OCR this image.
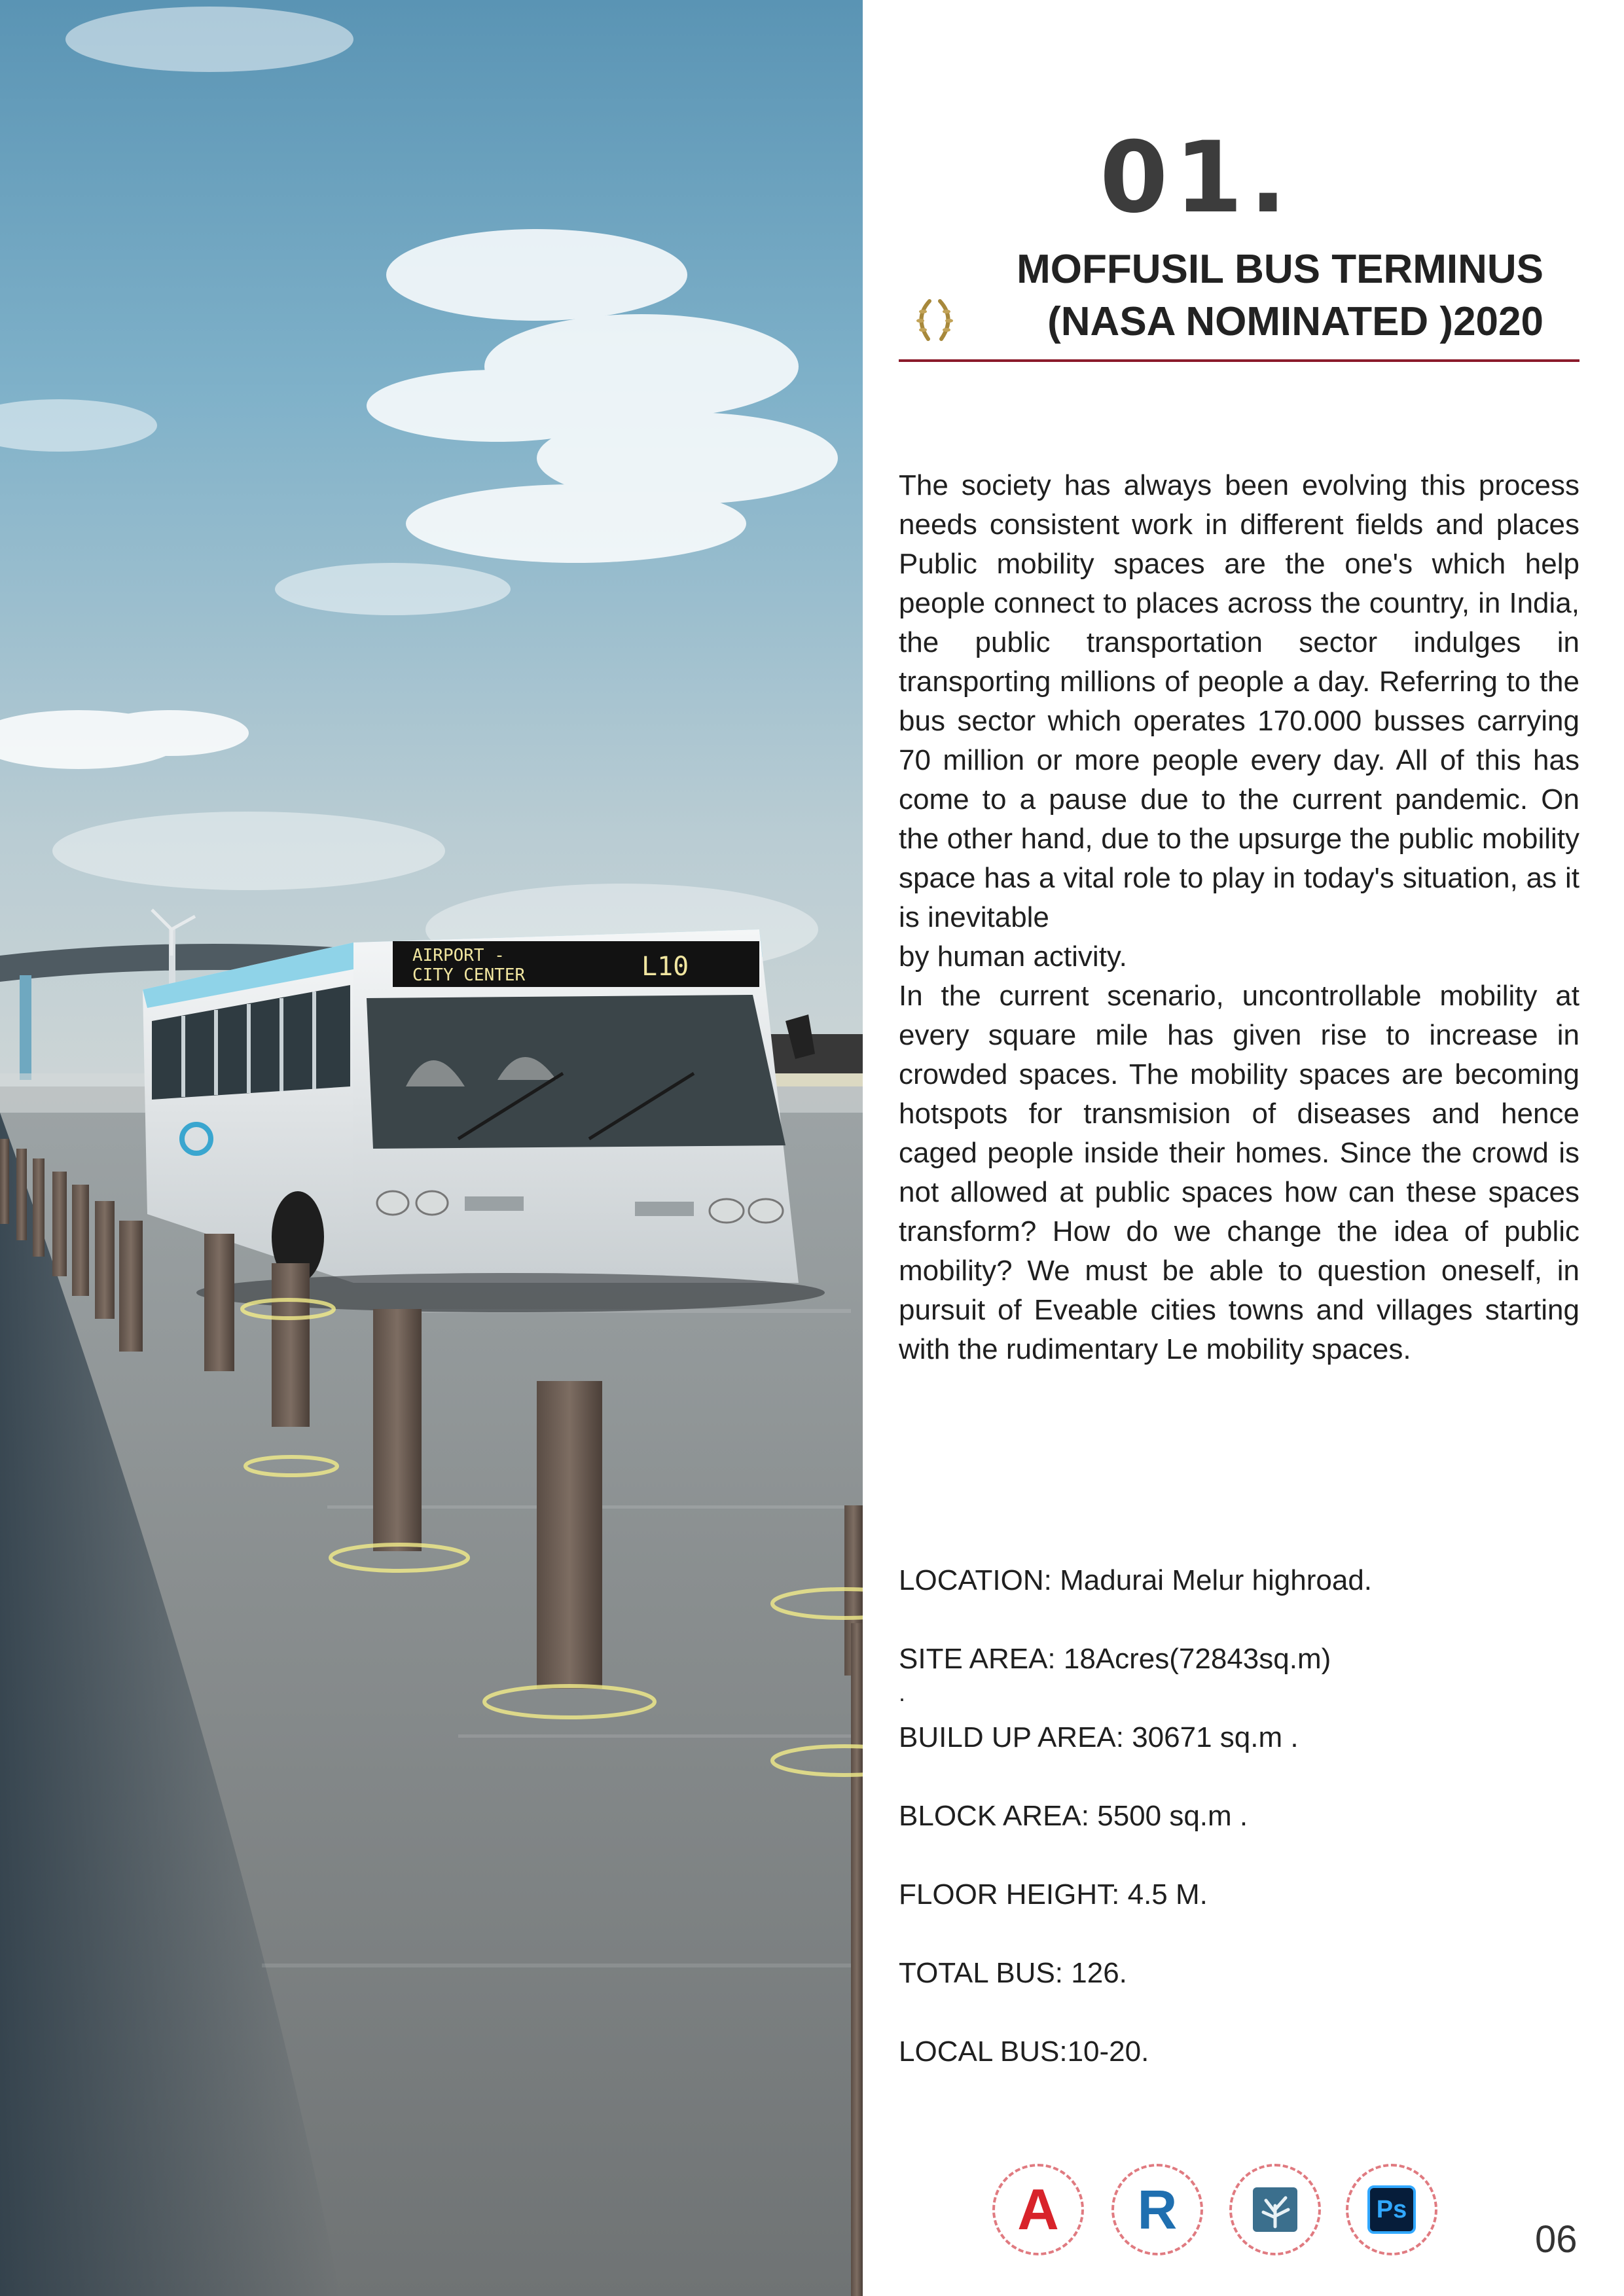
L10
AIRPORT -
CITY CENTER
01.
MOFFUSIL BUS TERMINUS
(NASA NOMINATED )2020

The society has always been evolving this process needs consistent work in different fields and places Public mobility spaces are the one's which help people connect to places across the country, in India, the public transportation sector indulges in transporting millions of people a day. Referring to the bus sector which operates 170.000 busses carrying 70 million or more people every day. All of this has come to a pause due to the current pandemic. On the other hand, due to the upsurge the public mobility space has a vital role to play in today's situation, as it is inevitable

by human activity.

In the current scenario, uncontrollable mobility at every square mile has given rise to increase in crowded spaces. The mobility spaces are becoming hotspots for transmision of diseases and hence caged people inside their homes. Since the crowd is not allowed at public spaces how can these spaces transform? How do we change the idea of public mobility? We must be able to question oneself, in pursuit of Eveable cities towns and villages starting with the rudimentary Le mobility spaces.

LOCATION: Madurai Melur highroad.
SITE AREA: 18Acres(72843sq.m)
.
BUILD UP AREA: 30671 sq.m .
BLOCK AREA: 5500 sq.m .
FLOOR HEIGHT: 4.5 M.
TOTAL BUS: 126.
LOCAL BUS:10-20.
A R	Ps
06
